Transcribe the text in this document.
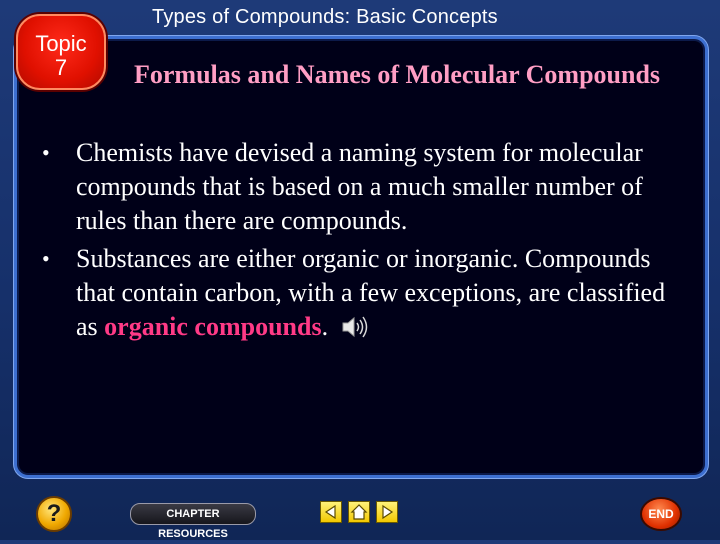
Types of Compounds: Basic Concepts
Topic
7	Formulas and Names of Molecular Compounds
• Chemists have devised a naming system for molecular compounds that is based on a much smaller number of rules than there are compounds.
• Substances are either organic or inorganic. Compounds that contain carbon, with a few exceptions, are classified as organic compounds.
?	CHAPTER RESOURCES
END
